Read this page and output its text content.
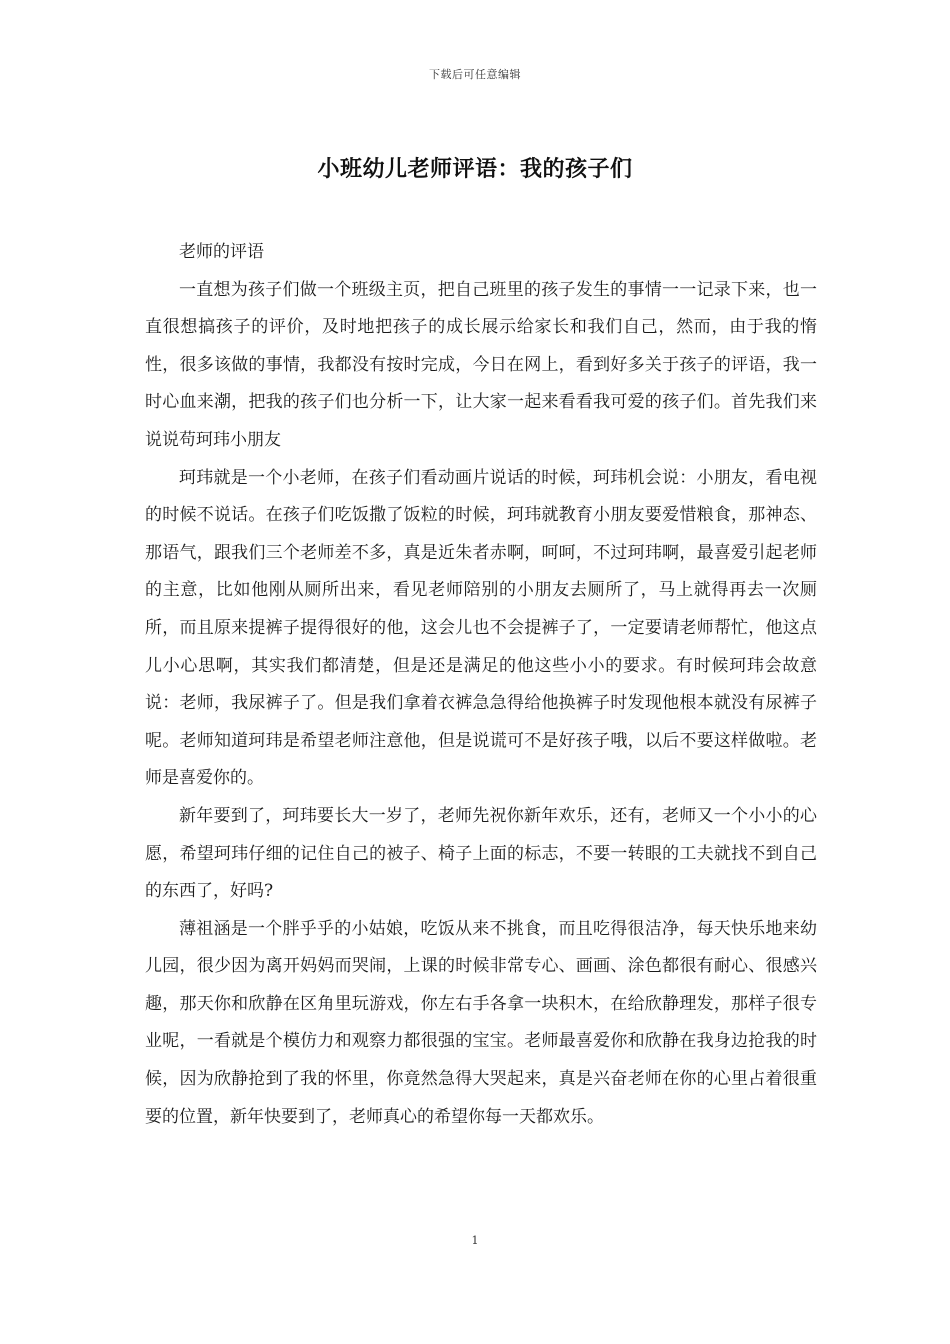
下载后可任意编辑
小班幼儿老师评语：我的孩子们

老师的评语

一直想为孩子们做一个班级主页，把自己班里的孩子发生的事情一一记录下来，也一直很想搞孩子的评价，及时地把孩子的成长展示给家长和我们自己，然而，由于我的惰性，很多该做的事情，我都没有按时完成，今日在网上，看到好多关于孩子的评语，我一时心血来潮，把我的孩子们也分析一下，让大家一起来看看我可爱的孩子们。首先我们来说说苟珂玮小朋友

珂玮就是一个小老师，在孩子们看动画片说话的时候，珂玮机会说：小朋友，看电视的时候不说话。在孩子们吃饭撒了饭粒的时候，珂玮就教育小朋友要爱惜粮食，那神态、那语气，跟我们三个老师差不多，真是近朱者赤啊，呵呵，不过珂玮啊，最喜爱引起老师的主意，比如他刚从厕所出来，看见老师陪别的小朋友去厕所了，马上就得再去一次厕所，而且原来提裤子提得很好的他，这会儿也不会提裤子了，一定要请老师帮忙，他这点儿小心思啊，其实我们都清楚，但是还是满足的他这些小小的要求。有时候珂玮会故意说：老师，我尿裤子了。但是我们拿着衣裤急急得给他换裤子时发现他根本就没有尿裤子呢。老师知道珂玮是希望老师注意他，但是说谎可不是好孩子哦，以后不要这样做啦。老师是喜爱你的。

新年要到了，珂玮要长大一岁了，老师先祝你新年欢乐，还有，老师又一个小小的心愿，希望珂玮仔细的记住自己的被子、椅子上面的标志，不要一转眼的工夫就找不到自己的东西了，好吗?

薄祖涵是一个胖乎乎的小姑娘，吃饭从来不挑食，而且吃得很洁净，每天快乐地来幼儿园，很少因为离开妈妈而哭闹，上课的时候非常专心、画画、涂色都很有耐心、很感兴趣，那天你和欣静在区角里玩游戏，你左右手各拿一块积木，在给欣静理发，那样子很专业呢，一看就是个模仿力和观察力都很强的宝宝。老师最喜爱你和欣静在我身边抢我的时候，因为欣静抢到了我的怀里，你竟然急得大哭起来，真是兴奋老师在你的心里占着很重要的位置，新年快要到了，老师真心的希望你每一天都欢乐。

1
